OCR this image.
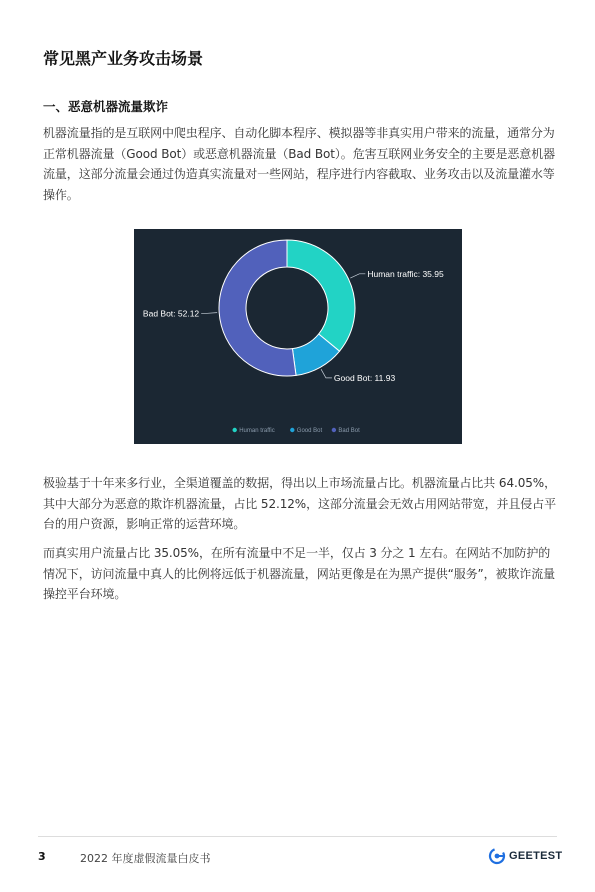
常见黑产业务攻击场景
一、恶意机器流量欺诈

机器流量指的是互联网中爬虫程序、自动化脚本程序、模拟器等非真实用户带来的流量，通常分为正常机器流量（Good Bot）或恶意机器流量（Bad Bot）。危害互联网业务安全的主要是恶意机器流量，这部分流量会通过伪造真实流量对一些网站，程序进行内容截取、业务攻击以及流量灌水等操作。

Human traffic: 35.95
Good Bot: 11.93
Bad Bot: 52.12
Human traffic	Good Bot	Bad Bot

极验基于十年来多行业，全渠道覆盖的数据，得出以上市场流量占比。机器流量占比共 64.05%，其中大部分为恶意的欺诈机器流量，占比 52.12%，这部分流量会无效占用网站带宽，并且侵占平台的用户资源，影响正常的运营环境。

而真实用户流量占比 35.05%，在所有流量中不足一半，仅占 3 分之 1 左右。在网站不加防护的情况下，访问流量中真人的比例将远低于机器流量，网站更像是在为黑产提供“服务”，被欺诈流量操控平台环境。

3	2022 年度虚假流量白皮书	GEETEST
